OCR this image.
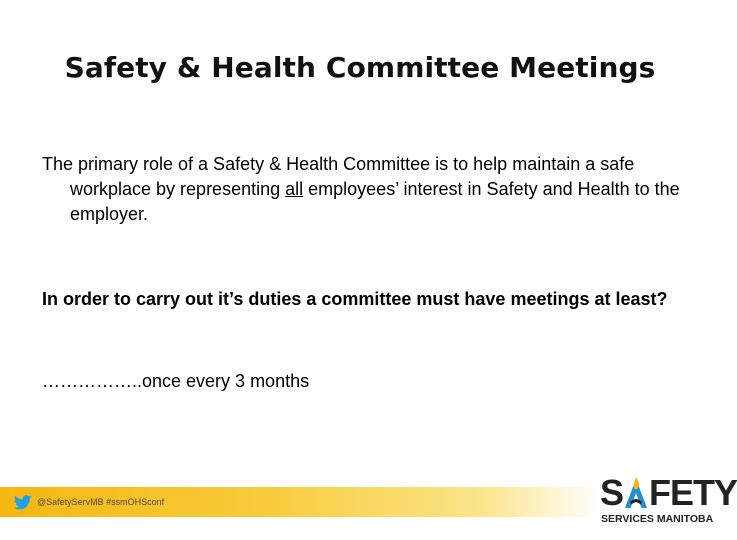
Safety & Health Committee Meetings

The primary role of a Safety & Health Committee is to help maintain a safe workplace by representing all employees’ interest in Safety and Health to the employer.

In order to carry out it’s duties a committee must have meetings at least?

……………..once every 3 months

@SafetyServMB #ssmOHSconf	S FETY
SERVICES MANITOBA
